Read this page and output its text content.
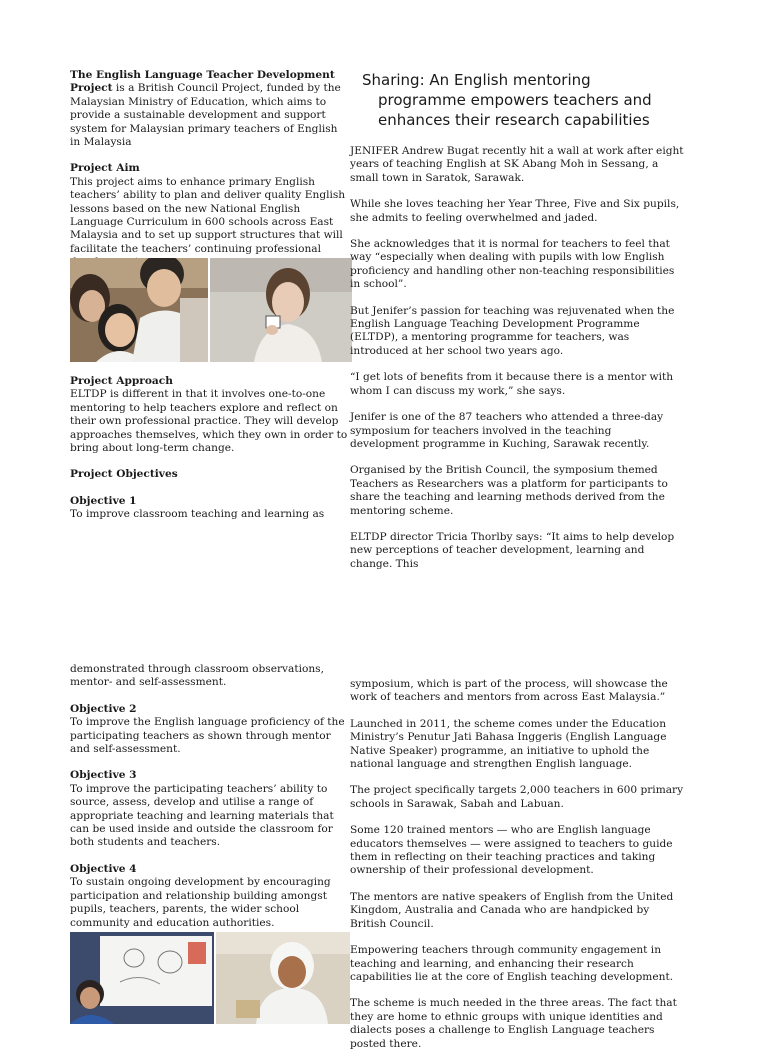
The English Language Teacher Development Project is a British Council Project, funded by the Malaysian Ministry of Education, which aims to provide a sustainable development and support system for Malaysian primary teachers of English in Malaysia

Project Aim

This project aims to enhance primary English teachers’ ability to plan and deliver quality English lessons based on the new National English Language Curriculum in 600 schools across East Malaysia and to set up support structures that will facilitate the teachers’ continuing professional

Project Approach

ELTDP is different in that it involves one-to-one mentoring to help teachers explore and reflect on their own professional practice. They will develop approaches themselves, which they own in order to bring about long-term change.

Project Objectives

Objective 1
To improve classroom teaching and learning as

demonstrated through classroom observations, mentor- and self-assessment.

Objective 2

To improve the English language proficiency of the participating teachers as shown through mentor and self-assessment.

Objective 3

To improve the participating teachers’ ability to source, assess, develop and utilise a range of appropriate teaching and learning materials that can be used inside and outside the classroom for both students and teachers.

Objective 4

To sustain ongoing development by encouraging participation and relationship building amongst pupils, teachers, parents, the wider school community and education authorities.

Sharing: An English mentoring
programme empowers teachers and
enhances their research capabilities

JENIFER Andrew Bugat recently hit a wall at work after eight years of teaching English at SK Abang Moh in Sessang, a small town in Saratok, Sarawak.

While she loves teaching her Year Three, Five and Six pupils, she admits to feeling overwhelmed and jaded.

She acknowledges that it is normal for teachers to feel that way “especially when dealing with pupils with low English proficiency and handling other non-teaching responsibilities in school”.

But Jenifer’s passion for teaching was rejuvenated when the English Language Teaching Development Programme (ELTDP), a mentoring programme for teachers, was introduced at her school two years ago.

“I get lots of benefits from it because there is a mentor with whom I can discuss my work,” she says.

Jenifer is one of the 87 teachers who attended a three-day symposium for teachers involved in the teaching development programme in Kuching, Sarawak recently.

Organised by the British Council, the symposium themed Teachers as Researchers was a platform for participants to share the teaching and learning methods derived from the mentoring scheme.

ELTDP director Tricia Thorlby says: “It aims to help develop new perceptions of teacher development, learning and change. This

symposium, which is part of the process, will showcase the work of teachers and mentors from across East Malaysia.”

Launched in 2011, the scheme comes under the Education Ministry’s Penutur Jati Bahasa Inggeris (English Language Native Speaker) programme, an initiative to uphold the national language and strengthen English language.

The project specifically targets 2,000 teachers in 600 primary schools in Sarawak, Sabah and Labuan.

Some 120 trained mentors — who are English language educators themselves — were assigned to teachers to guide them in reflecting on their teaching practices and taking ownership of their professional development.

The mentors are native speakers of English from the United Kingdom, Australia and Canada who are handpicked by British Council.

Empowering teachers through community engagement in teaching and learning, and enhancing their research capabilities lie at the core of English teaching development.

The scheme is much needed in the three areas. The fact that they are home to ethnic groups with unique identities and dialects poses a challenge to English Language teachers posted there.
